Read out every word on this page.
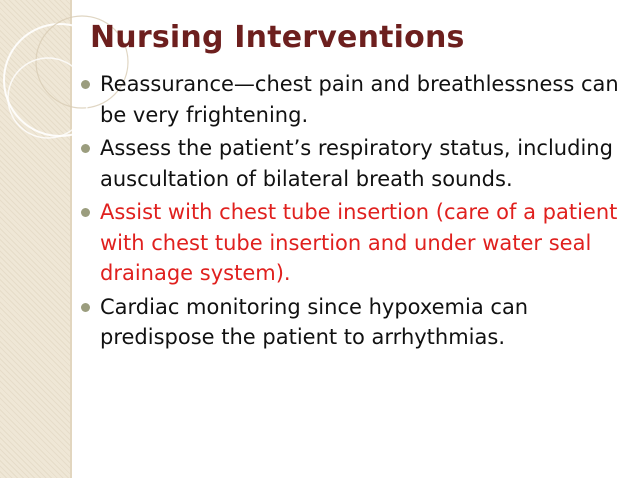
Nursing Interventions
Reassurance—chest pain and breathlessness can be very frightening.
Assess the patient’s respiratory status, including auscultation of bilateral breath sounds.
Assist with chest tube insertion (care of a patient with chest tube insertion and under water seal drainage system).
Cardiac monitoring since hypoxemia can predispose the patient to arrhythmias.
